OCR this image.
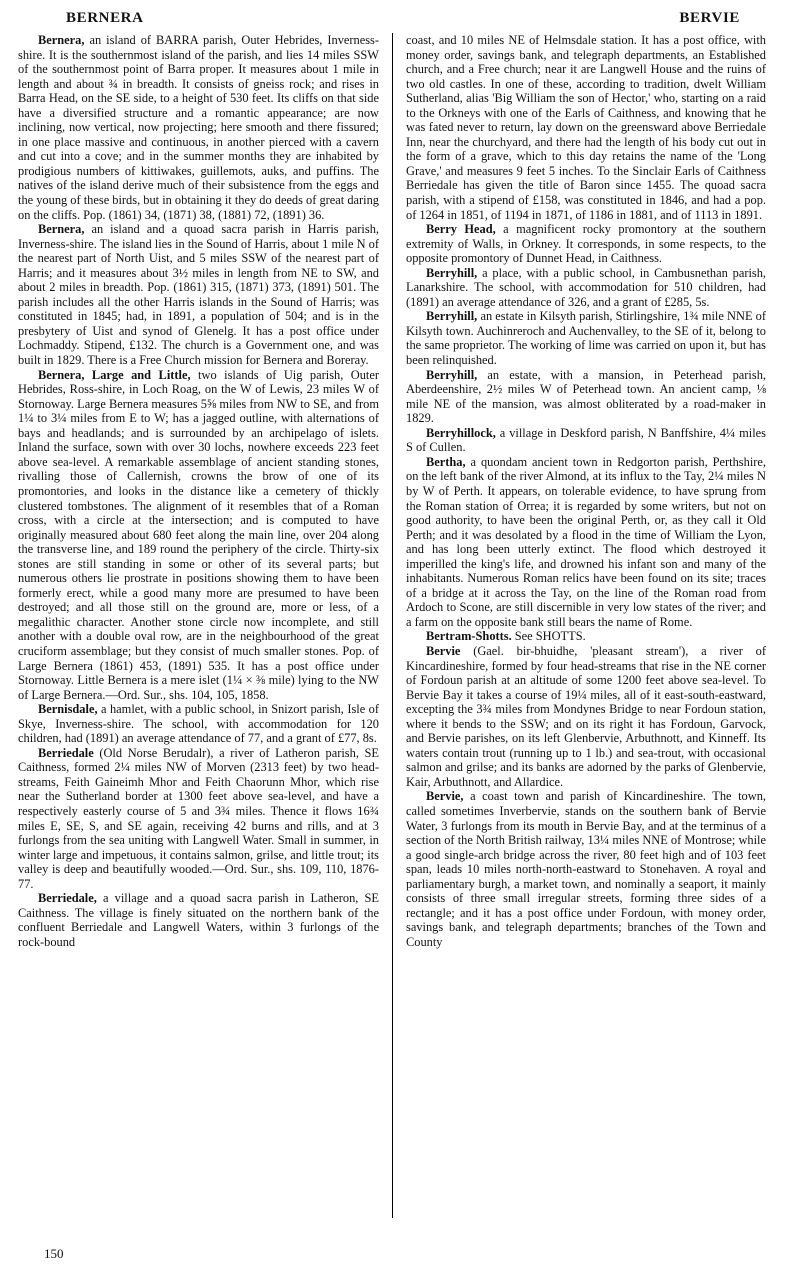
BERNERA	BERVIE

Bernera, an island of BARRA parish, Outer Hebrides, Inverness-shire. It is the southernmost island of the parish, and lies 14 miles SSW of the southernmost point of Barra proper. It measures about 1 mile in length and about ¾ in breadth. It consists of gneiss rock; and rises in Barra Head, on the SE side, to a height of 530 feet. Its cliffs on that side have a diversified structure and a romantic appearance; are now inclining, now vertical, now projecting; here smooth and there fissured; in one place massive and continuous, in another pierced with a cavern and cut into a cove; and in the summer months they are inhabited by prodigious numbers of kittiwakes, guillemots, auks, and puffins. The natives of the island derive much of their subsistence from the eggs and the young of these birds, but in obtaining it they do deeds of great daring on the cliffs. Pop. (1861) 34, (1871) 38, (1881) 72, (1891) 36.

Bernera, an island and a quoad sacra parish in Harris parish, Inverness-shire. The island lies in the Sound of Harris, about 1 mile N of the nearest part of North Uist, and 5 miles SSW of the nearest part of Harris; and it measures about 3½ miles in length from NE to SW, and about 2 miles in breadth. Pop. (1861) 315, (1871) 373, (1891) 501. The parish includes all the other Harris islands in the Sound of Harris; was constituted in 1845; had, in 1891, a population of 504; and is in the presbytery of Uist and synod of Glenelg. It has a post office under Lochmaddy. Stipend, £132. The church is a Government one, and was built in 1829. There is a Free Church mission for Bernera and Boreray.

Bernera, Large and Little, two islands of Uig parish, Outer Hebrides, Ross-shire, in Loch Roag, on the W of Lewis, 23 miles W of Stornoway. Large Bernera measures 5⅝ miles from NW to SE, and from 1¼ to 3¼ miles from E to W; has a jagged outline, with alternations of bays and headlands; and is surrounded by an archipelago of islets. Inland the surface, sown with over 30 lochs, nowhere exceeds 223 feet above sea-level. A remarkable assemblage of ancient standing stones, rivalling those of Callernish, crowns the brow of one of its promontories, and looks in the distance like a cemetery of thickly clustered tombstones. The alignment of it resembles that of a Roman cross, with a circle at the intersection; and is computed to have originally measured about 680 feet along the main line, over 204 along the transverse line, and 189 round the periphery of the circle. Thirty-six stones are still standing in some or other of its several parts; but numerous others lie prostrate in positions showing them to have been formerly erect, while a good many more are presumed to have been destroyed; and all those still on the ground are, more or less, of a megalithic character. Another stone circle now incomplete, and still another with a double oval row, are in the neighbourhood of the great cruciform assemblage; but they consist of much smaller stones. Pop. of Large Bernera (1861) 453, (1891) 535. It has a post office under Stornoway. Little Bernera is a mere islet (1¼ × ⅜ mile) lying to the NW of Large Bernera.—Ord. Sur., shs. 104, 105, 1858.

Bernisdale, a hamlet, with a public school, in Snizort parish, Isle of Skye, Inverness-shire. The school, with accommodation for 120 children, had (1891) an average attendance of 77, and a grant of £77, 8s.

Berriedale (Old Norse Berudalr), a river of Latheron parish, SE Caithness, formed 2¼ miles NW of Morven (2313 feet) by two head-streams, Feith Gaineimh Mhor and Feith Chaorunn Mhor, which rise near the Sutherland border at 1300 feet above sea-level, and have a respectively easterly course of 5 and 3¾ miles. Thence it flows 16¾ miles E, SE, S, and SE again, receiving 42 burns and rills, and at 3 furlongs from the sea uniting with Langwell Water. Small in summer, in winter large and impetuous, it contains salmon, grilse, and little trout; its valley is deep and beautifully wooded.—Ord. Sur., shs. 109, 110, 1876-77.

Berriedale, a village and a quoad sacra parish in Latheron, SE Caithness. The village is finely situated on the northern bank of the confluent Berriedale and Langwell Waters, within 3 furlongs of the rock-bound

coast, and 10 miles NE of Helmsdale station. It has a post office, with money order, savings bank, and telegraph departments, an Established church, and a Free church; near it are Langwell House and the ruins of two old castles. In one of these, according to tradition, dwelt William Sutherland, alias 'Big William the son of Hector,' who, starting on a raid to the Orkneys with one of the Earls of Caithness, and knowing that he was fated never to return, lay down on the greensward above Berriedale Inn, near the churchyard, and there had the length of his body cut out in the form of a grave, which to this day retains the name of the 'Long Grave,' and measures 9 feet 5 inches. To the Sinclair Earls of Caithness Berriedale has given the title of Baron since 1455. The quoad sacra parish, with a stipend of £158, was constituted in 1846, and had a pop. of 1264 in 1851, of 1194 in 1871, of 1186 in 1881, and of 1113 in 1891.

Berry Head, a magnificent rocky promontory at the southern extremity of Walls, in Orkney. It corresponds, in some respects, to the opposite promontory of Dunnet Head, in Caithness.

Berryhill, a place, with a public school, in Cambusnethan parish, Lanarkshire. The school, with accommodation for 510 children, had (1891) an average attendance of 326, and a grant of £285, 5s.

Berryhill, an estate in Kilsyth parish, Stirlingshire, 1¾ mile NNE of Kilsyth town. Auchinreroch and Auchenvalley, to the SE of it, belong to the same proprietor. The working of lime was carried on upon it, but has been relinquished.

Berryhill, an estate, with a mansion, in Peterhead parish, Aberdeenshire, 2½ miles W of Peterhead town. An ancient camp, ⅛ mile NE of the mansion, was almost obliterated by a road-maker in 1829.

Berryhillock, a village in Deskford parish, N Banffshire, 4¼ miles S of Cullen.

Bertha, a quondam ancient town in Redgorton parish, Perthshire, on the left bank of the river Almond, at its influx to the Tay, 2¼ miles N by W of Perth. It appears, on tolerable evidence, to have sprung from the Roman station of Orrea; it is regarded by some writers, but not on good authority, to have been the original Perth, or, as they call it Old Perth; and it was desolated by a flood in the time of William the Lyon, and has long been utterly extinct. The flood which destroyed it imperilled the king's life, and drowned his infant son and many of the inhabitants. Numerous Roman relics have been found on its site; traces of a bridge at it across the Tay, on the line of the Roman road from Ardoch to Scone, are still discernible in very low states of the river; and a farm on the opposite bank still bears the name of Rome.

Bertram-Shotts. See SHOTTS.

Bervie (Gael. bir-bhuidhe, 'pleasant stream'), a river of Kincardineshire, formed by four head-streams that rise in the NE corner of Fordoun parish at an altitude of some 1200 feet above sea-level. To Bervie Bay it takes a course of 19¼ miles, all of it east-south-eastward, excepting the 3¾ miles from Mondynes Bridge to near Fordoun station, where it bends to the SSW; and on its right it has Fordoun, Garvock, and Bervie parishes, on its left Glenbervie, Arbuthnott, and Kinneff. Its waters contain trout (running up to 1 lb.) and sea-trout, with occasional salmon and grilse; and its banks are adorned by the parks of Glenbervie, Kair, Arbuthnott, and Allardice.

Bervie, a coast town and parish of Kincardineshire. The town, called sometimes Inverbervie, stands on the southern bank of Bervie Water, 3 furlongs from its mouth in Bervie Bay, and at the terminus of a section of the North British railway, 13¼ miles NNE of Montrose; while a good single-arch bridge across the river, 80 feet high and of 103 feet span, leads 10 miles north-north-eastward to Stonehaven. A royal and parliamentary burgh, a market town, and nominally a seaport, it mainly consists of three small irregular streets, forming three sides of a rectangle; and it has a post office under Fordoun, with money order, savings bank, and telegraph departments; branches of the Town and County

150
